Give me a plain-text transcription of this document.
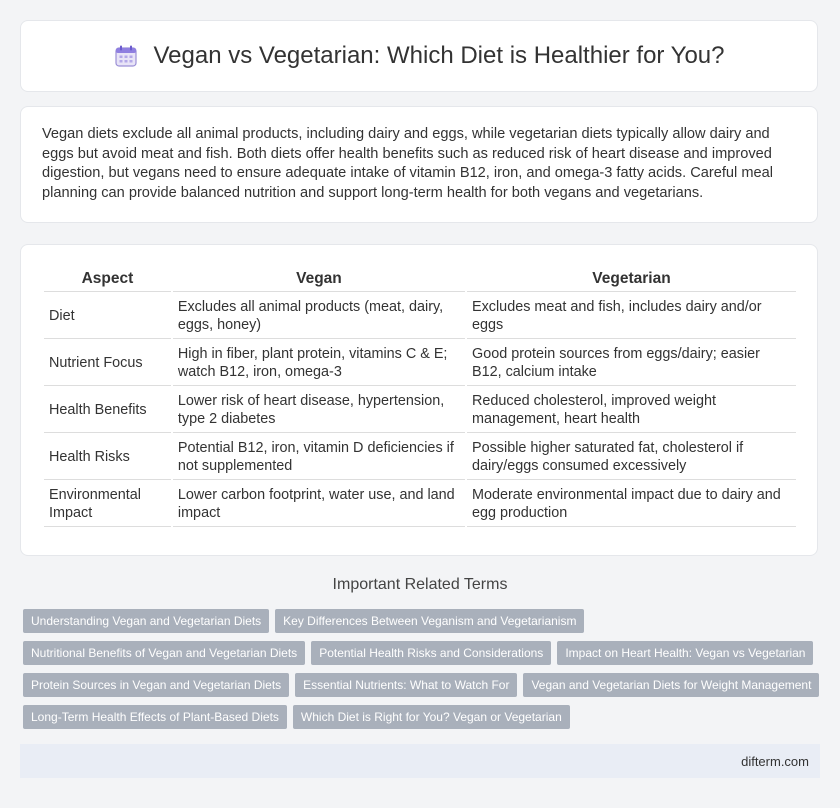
Vegan vs Vegetarian: Which Diet is Healthier for You?

Vegan diets exclude all animal products, including dairy and eggs, while vegetarian diets typically allow dairy and eggs but avoid meat and fish. Both diets offer health benefits such as reduced risk of heart disease and improved digestion, but vegans need to ensure adequate intake of vitamin B12, iron, and omega-3 fatty acids. Careful meal planning can provide balanced nutrition and support long-term health for both vegans and vegetarians.

Aspect	Vegan	Vegetarian
Diet	Excludes all animal products (meat, dairy, eggs, honey)	Excludes meat and fish, includes dairy and/or eggs
Nutrient Focus	High in fiber, plant protein, vitamins C & E; watch B12, iron, omega-3	Good protein sources from eggs/dairy; easier B12, calcium intake
Health Benefits	Lower risk of heart disease, hypertension, type 2 diabetes	Reduced cholesterol, improved weight management, heart health
Health Risks	Potential B12, iron, vitamin D deficiencies if not supplemented	Possible higher saturated fat, cholesterol if dairy/eggs consumed excessively
Environmental Impact	Lower carbon footprint, water use, and land impact	Moderate environmental impact due to dairy and egg production
Important Related Terms
Understanding Vegan and Vegetarian Diets	Key Differences Between Veganism and Vegetarianism
Nutritional Benefits of Vegan and Vegetarian Diets	Potential Health Risks and Considerations	Impact on Heart Health: Vegan vs Vegetarian
Protein Sources in Vegan and Vegetarian Diets	Essential Nutrients: What to Watch For	Vegan and Vegetarian Diets for Weight Management
Long-Term Health Effects of Plant-Based Diets	Which Diet is Right for You? Vegan or Vegetarian
difterm.com
